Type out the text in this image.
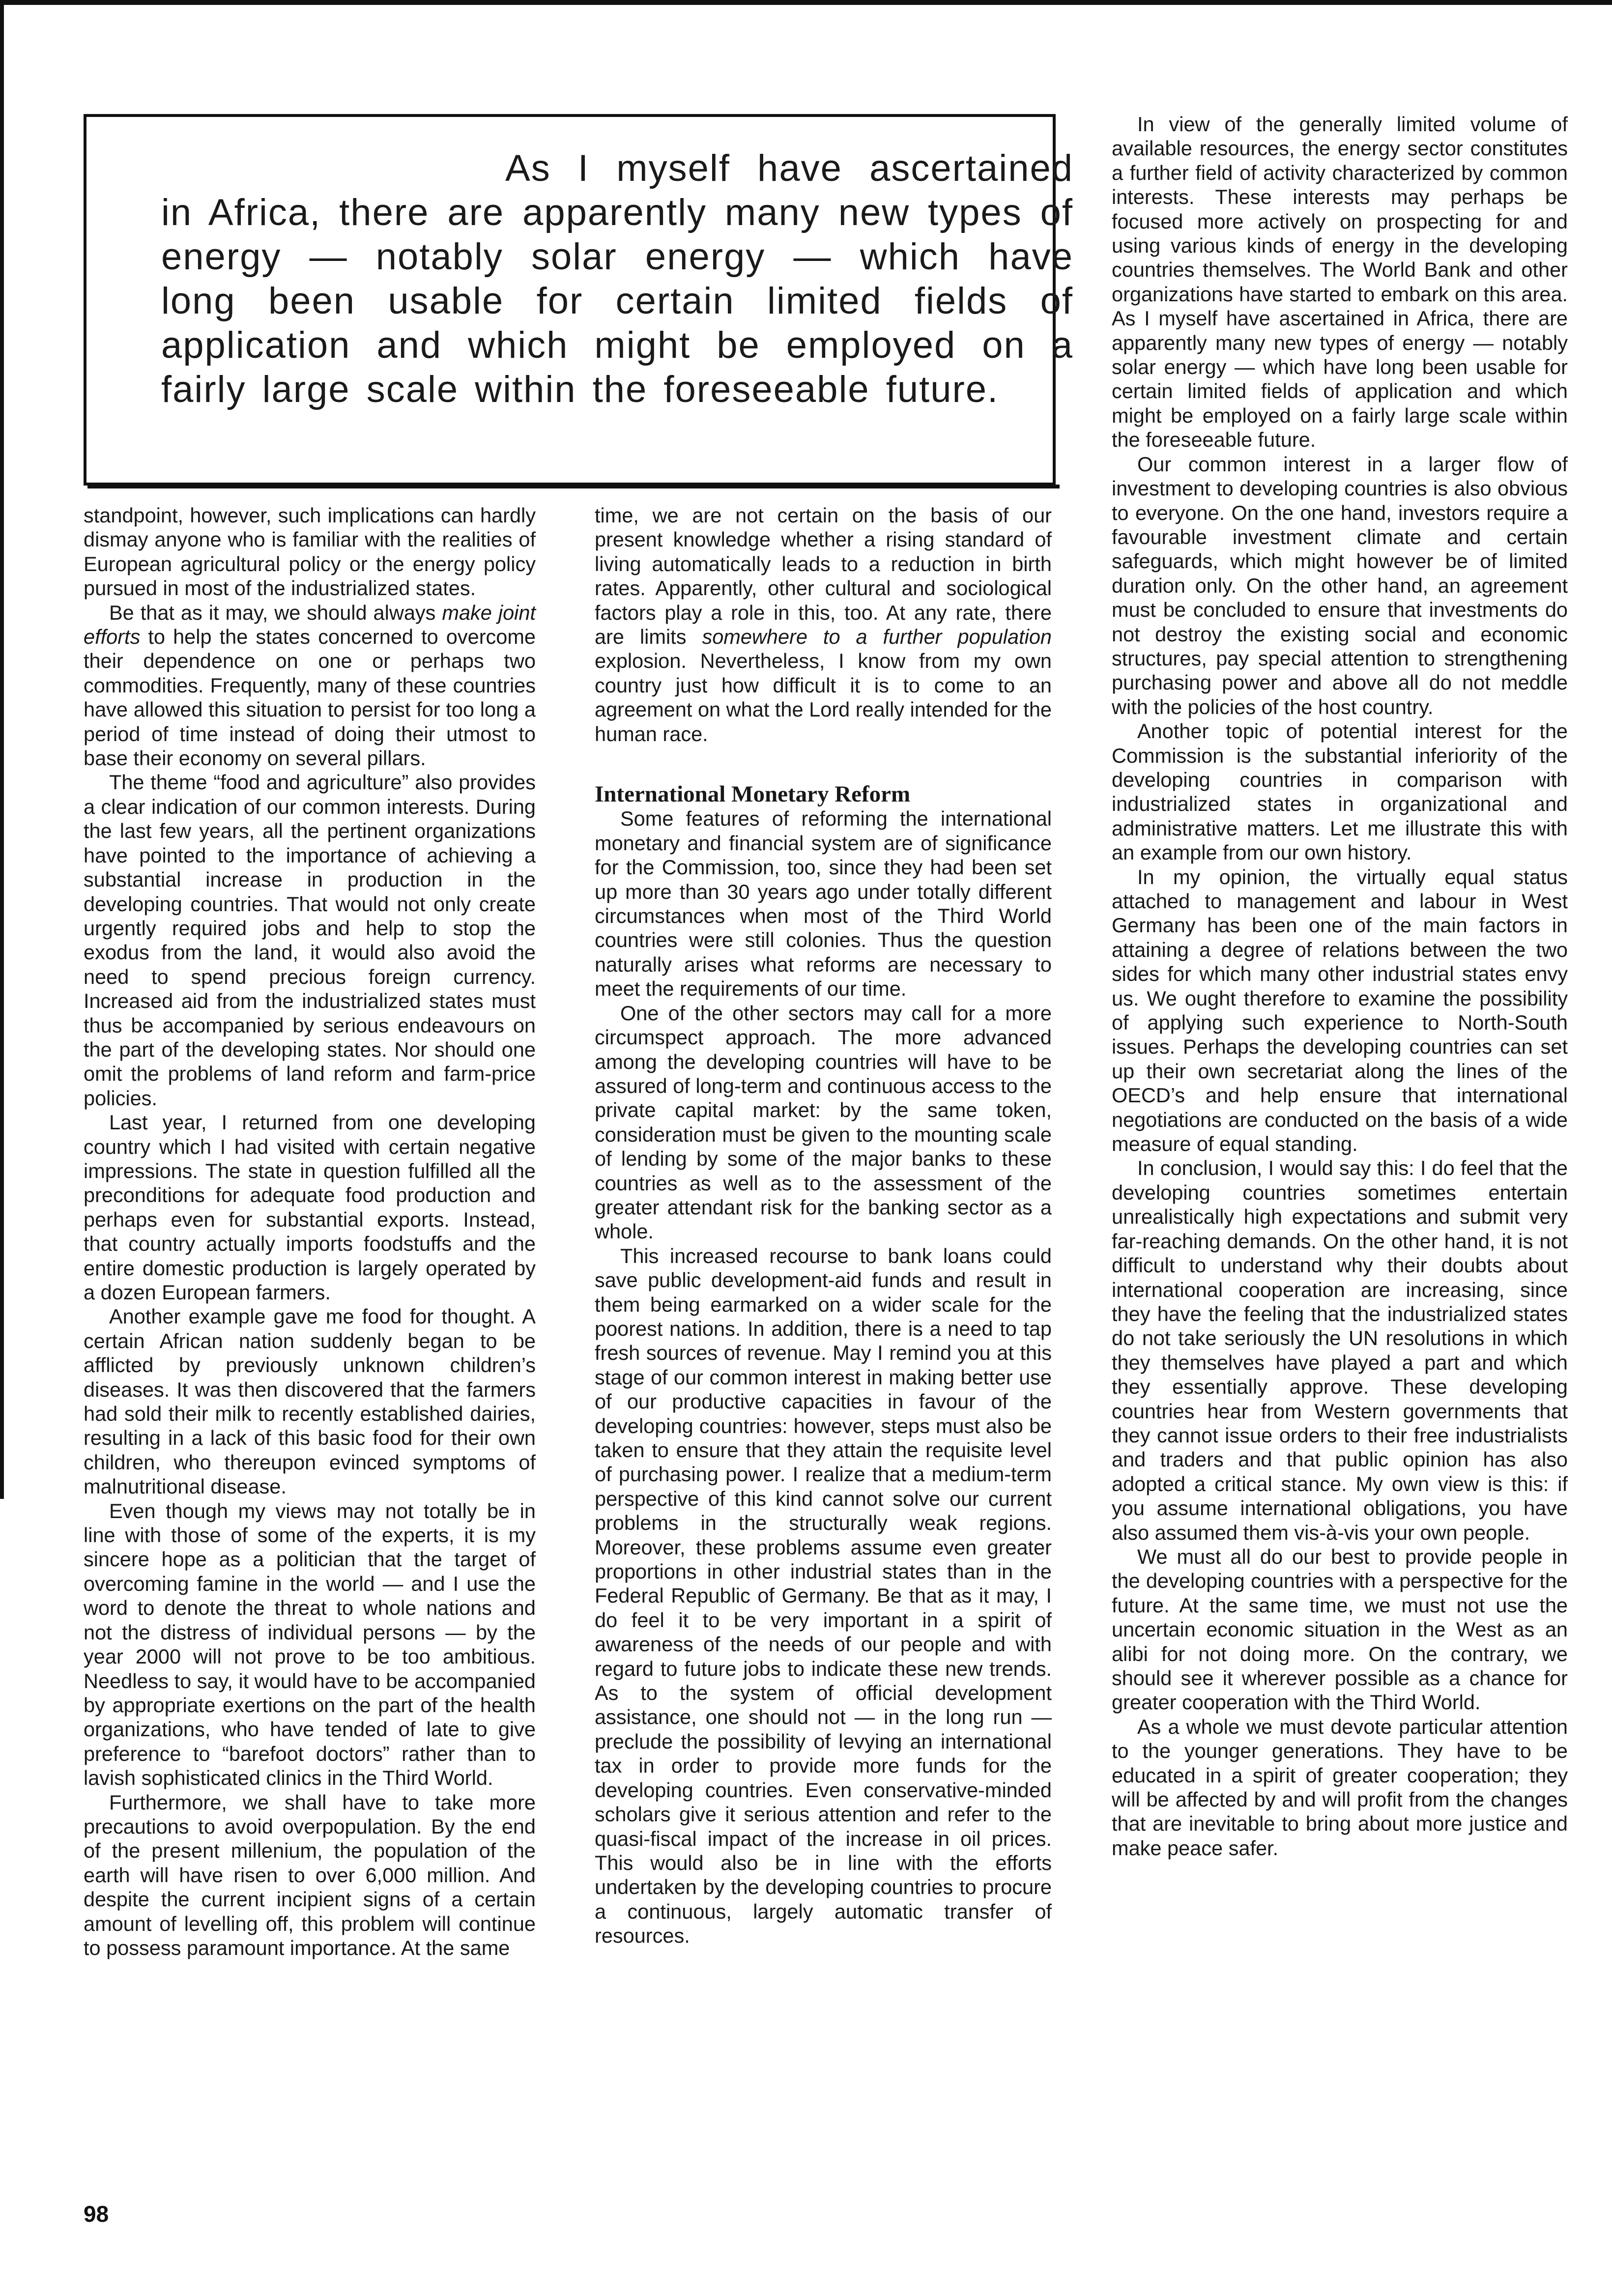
As I myself have ascertained in Africa, there are apparently many new types of energy — notably solar energy — which have long been usable for certain limited fields of application and which might be employed on a fairly large scale within the foreseeable future.

standpoint, however, such implications can hardly dismay anyone who is familiar with the realities of European agricultural policy or the energy policy pursued in most of the industrialized states.

Be that as it may, we should always make joint efforts to help the states concerned to overcome their dependence on one or perhaps two commodities. Frequently, many of these countries have allowed this situation to persist for too long a period of time instead of doing their utmost to base their economy on several pillars.

The theme “food and agriculture” also provides a clear indication of our common interests. During the last few years, all the pertinent organizations have pointed to the importance of achieving a substantial increase in production in the developing countries. That would not only create urgently required jobs and help to stop the exodus from the land, it would also avoid the need to spend precious foreign currency. Increased aid from the industrialized states must thus be accompanied by serious endeavours on the part of the developing states. Nor should one omit the problems of land reform and farm-price policies.

Last year, I returned from one developing country which I had visited with certain negative impressions. The state in question fulfilled all the preconditions for adequate food production and perhaps even for substantial exports. Instead, that country actually imports foodstuffs and the entire domestic production is largely operated by a dozen European farmers.

Another example gave me food for thought. A certain African nation suddenly began to be afflicted by previously unknown children’s diseases. It was then discovered that the farmers had sold their milk to recently established dairies, resulting in a lack of this basic food for their own children, who thereupon evinced symptoms of malnutritional disease.

Even though my views may not totally be in line with those of some of the experts, it is my sincere hope as a politician that the target of overcoming famine in the world — and I use the word to denote the threat to whole nations and not the distress of individual persons — by the year 2000 will not prove to be too ambitious. Needless to say, it would have to be accompanied by appropriate exertions on the part of the health organizations, who have tended of late to give preference to “barefoot doctors” rather than to lavish sophisticated clinics in the Third World.

Furthermore, we shall have to take more precautions to avoid overpopulation. By the end of the present millenium, the population of the earth will have risen to over 6,000 million. And despite the current incipient signs of a certain amount of levelling off, this problem will continue to possess paramount importance. At the same

time, we are not certain on the basis of our present knowledge whether a rising standard of living automatically leads to a reduction in birth rates. Apparently, other cultural and sociological factors play a role in this, too. At any rate, there are limits somewhere to a further population explosion. Nevertheless, I know from my own country just how difficult it is to come to an agreement on what the Lord really intended for the human race.

International Monetary Reform

Some features of reforming the international monetary and financial system are of significance for the Commission, too, since they had been set up more than 30 years ago under totally different circumstances when most of the Third World countries were still colonies. Thus the question naturally arises what reforms are necessary to meet the requirements of our time.

One of the other sectors may call for a more circumspect approach. The more advanced among the developing countries will have to be assured of long-term and continuous access to the private capital market: by the same token, consideration must be given to the mounting scale of lending by some of the major banks to these countries as well as to the assessment of the greater attendant risk for the banking sector as a whole.

This increased recourse to bank loans could save public development-aid funds and result in them being earmarked on a wider scale for the poorest nations. In addition, there is a need to tap fresh sources of revenue. May I remind you at this stage of our common interest in making better use of our productive capacities in favour of the developing countries: however, steps must also be taken to ensure that they attain the requisite level of purchasing power. I realize that a medium-term perspective of this kind cannot solve our current problems in the structurally weak regions. Moreover, these problems assume even greater proportions in other industrial states than in the Federal Republic of Germany. Be that as it may, I do feel it to be very important in a spirit of awareness of the needs of our people and with regard to future jobs to indicate these new trends. As to the system of official development assistance, one should not — in the long run — preclude the possibility of levying an international tax in order to provide more funds for the developing countries. Even conservative-minded scholars give it serious attention and refer to the quasi-fiscal impact of the increase in oil prices. This would also be in line with the efforts undertaken by the developing countries to procure a continuous, largely automatic transfer of resources.

In view of the generally limited volume of available resources, the energy sector constitutes a further field of activity characterized by common interests. These interests may perhaps be focused more actively on prospecting for and using various kinds of energy in the developing countries themselves. The World Bank and other organizations have started to embark on this area. As I myself have ascertained in Africa, there are apparently many new types of energy — notably solar energy — which have long been usable for certain limited fields of application and which might be employed on a fairly large scale within the foreseeable future.

Our common interest in a larger flow of investment to developing countries is also obvious to everyone. On the one hand, investors require a favourable investment climate and certain safeguards, which might however be of limited duration only. On the other hand, an agreement must be concluded to ensure that investments do not destroy the existing social and economic structures, pay special attention to strengthening purchasing power and above all do not meddle with the policies of the host country.

Another topic of potential interest for the Commission is the substantial inferiority of the developing countries in comparison with industrialized states in organizational and administrative matters. Let me illustrate this with an example from our own history.

In my opinion, the virtually equal status attached to management and labour in West Germany has been one of the main factors in attaining a degree of relations between the two sides for which many other industrial states envy us. We ought therefore to examine the possibility of applying such experience to North-South issues. Perhaps the developing countries can set up their own secretariat along the lines of the OECD’s and help ensure that international negotiations are conducted on the basis of a wide measure of equal standing.

In conclusion, I would say this: I do feel that the developing countries sometimes entertain unrealistically high expectations and submit very far-reaching demands. On the other hand, it is not difficult to understand why their doubts about international cooperation are increasing, since they have the feeling that the industrialized states do not take seriously the UN resolutions in which they themselves have played a part and which they essentially approve. These developing countries hear from Western governments that they cannot issue orders to their free industrialists and traders and that public opinion has also adopted a critical stance. My own view is this: if you assume international obligations, you have also assumed them vis-à-vis your own people.

We must all do our best to provide people in the developing countries with a perspective for the future. At the same time, we must not use the uncertain economic situation in the West as an alibi for not doing more. On the contrary, we should see it wherever possible as a chance for greater cooperation with the Third World.

As a whole we must devote particular attention to the younger generations. They have to be educated in a spirit of greater cooperation; they will be affected by and will profit from the changes that are inevitable to bring about more justice and make peace safer.

98
